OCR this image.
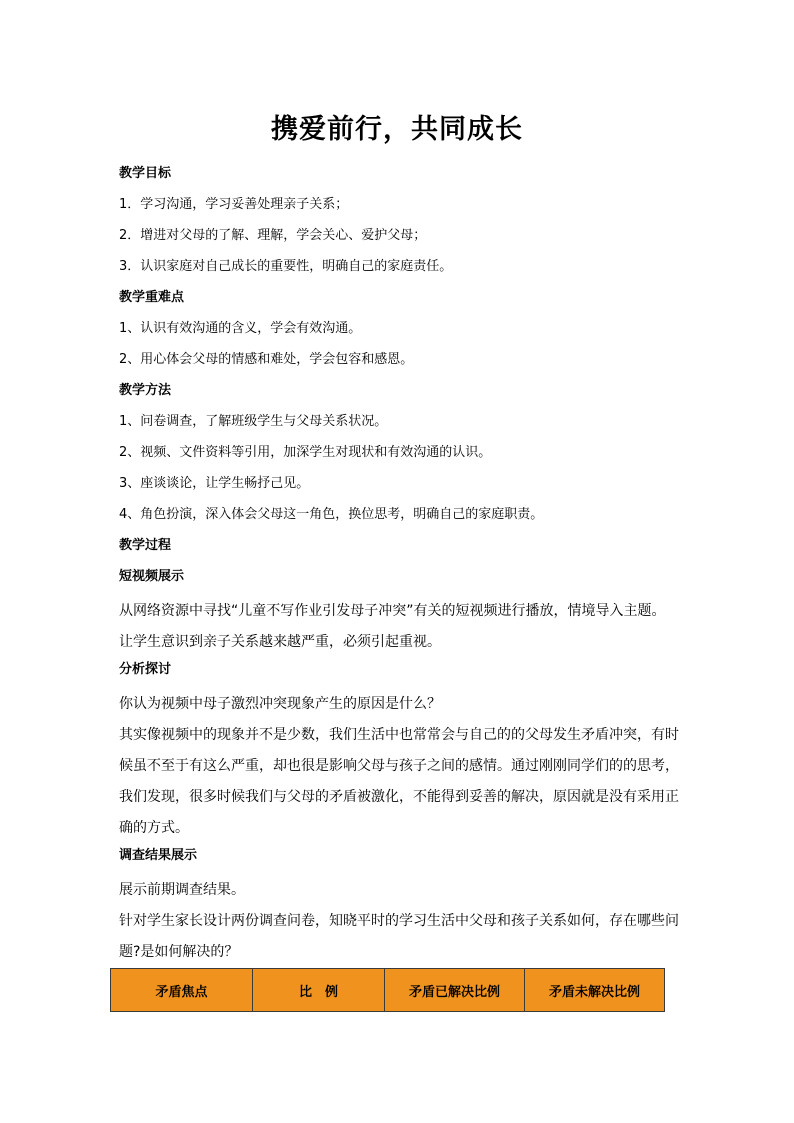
携爱前行，共同成长
教学目标
1．学习沟通，学习妥善处理亲子关系；
2．增进对父母的了解、理解，学会关心、爱护父母；
3．认识家庭对自己成长的重要性，明确自己的家庭责任。
教学重难点
1、认识有效沟通的含义，学会有效沟通。
2、用心体会父母的情感和难处，学会包容和感恩。
教学方法
1、问卷调查，了解班级学生与父母关系状况。
2、视频、文件资料等引用，加深学生对现状和有效沟通的认识。
3、座谈谈论，让学生畅抒己见。
4、角色扮演，深入体会父母这一角色，换位思考，明确自己的家庭职责。
教学过程
短视频展示

从网络资源中寻找“儿童不写作业引发母子冲突”有关的短视频进行播放，情境导入主题。

让学生意识到亲子关系越来越严重，必须引起重视。

分析探讨

你认为视频中母子激烈冲突现象产生的原因是什么？

其实像视频中的现象并不是少数，我们生活中也常常会与自己的的父母发生矛盾冲突，有时

候虽不至于有这么严重，却也很是影响父母与孩子之间的感情。通过刚刚同学们的的思考，

我们发现，很多时候我们与父母的矛盾被激化，不能得到妥善的解决，原因就是没有采用正

确的方式。

调查结果展示

展示前期调查结果。

针对学生家长设计两份调查问卷，知晓平时的学习生活中父母和孩子关系如何，存在哪些问

题?是如何解决的？

矛盾焦点	比　例	矛盾已解决比例	矛盾未解决比例
